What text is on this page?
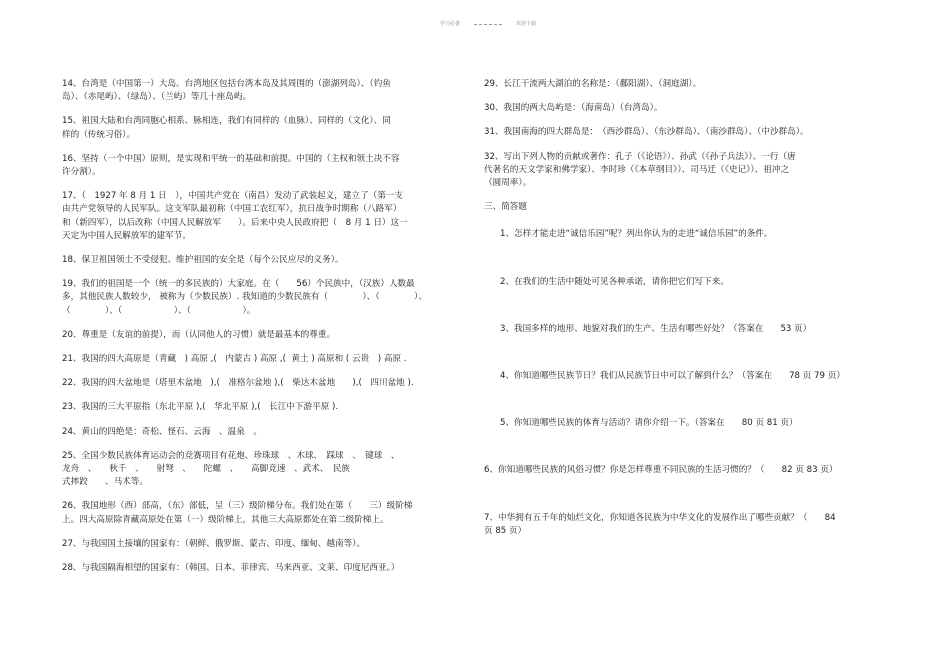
学习必备	欢迎下载

14、台湾是（中国第一）大岛。台湾地区包括台湾本岛及其周围的（澎湖列岛）、（钓鱼
岛）、（赤尾屿）、（绿岛）、（兰屿）等几十座岛屿。

15、祖国大陆和台湾同胞心相系、脉相连，我们有同样的（血脉）、同样的（文化）、同
样的（传统习俗）。

16、坚持（一个中国）原则，是实现和平统一的基础和前提。中国的（主权和领土决不容
许分割）。

17、（　1927 年 8 月 1 日　），中国共产党在（南昌）发动了武装起义，建立了（第一支
由共产党领导的人民军队。这支军队最初称（中国工农红军），抗日战争时期称（八路军）
和（新四军），以后改称（中国人民解放军　　）。后来中央人民政府把（　8 月 1 日）这一
天定为中国人民解放军的建军节。

18、保卫祖国领土不受侵犯、维护祖国的安全是（每个公民应尽的义务）。

19、我们的祖国是一个（统一的多民族的）大家庭。在（　　56）个民族中，（汉族）人数最
多，其他民族人数较少， 被称为（少数民族）. 我知道的少数民族有（　　　　）、（　　　　）、
（　　　　）、（　　　　　　）、（　　　　　　）。

20、尊重是（友谊的前提），而（认同他人的习惯）就是最基本的尊重。

21、我国的四大高原是（青藏　) 高原 ,(　内蒙古 ) 高原 ,(  黄土 ) 高原和 ( 云贵　) 高原 .

22、我国的四大盆地是（塔里木盆地　),(　准格尔盆地 ),(　柴达木盆地　　),(　四川盆地 ).

23、我国的三大平原指（东北平原 ),(　华北平原 ),(　长江中下游平原 ).

24、黄山的四绝是：奇松、怪石、云海　、温泉　。

25、全国少数民族体育运动会的竞赛项目有花炮、珍珠球　、木球、　踩球　、　键球　、
龙舟　、　　秋千　、　　射弩　、　　陀螺　、　　高脚竞速　、武术、　民族
式摔跤　　、马术等。

26、我国地形（西）部高，（东）部低，呈（三）级阶梯分布。我们处在第（　　三）级阶梯
上。四大高原除青藏高原处在第（一）级阶梯上，其他三大高原都处在第二级阶梯上。

27、与我国国土接壤的国家有：（朝鲜、俄罗斯、蒙古、印度、缅甸、越南等）。

28、与我国隔海相望的国家有：（韩国、日本、菲律宾、马来西亚、文莱、印度尼西亚。）

29、长江干流两大湖泊的名称是：（鄱阳湖）、（洞庭湖）。

30、我国的两大岛屿是：（海南岛）（台湾岛）。

31、我国南海的四大群岛是：　（西沙群岛）、（东沙群岛）、（南沙群岛）、（中沙群岛）。

32、写出下列人物的贡献或著作：孔子（《论语》）、孙武（《孙子兵法》）、一行（唐
代著名的天文学家和佛学家）、李时珍（《本草纲目》）、司马迁（《史记》）、祖冲之
（圆周率）。

三、简答题

1、怎样才能走进“诚信乐园”呢？列出你认为的走进“诚信乐园”的条件。

2、在我们的生活中随处可见各种承诺，请你把它们写下来。

3、我国多样的地形、地貌对我们的生产、生活有哪些好处？（答案在　　53 页）

4、你知道哪些民族节日？我们从民族节日中可以了解到什么？（答案在　　78 页 79 页）

5、你知道哪些民族的体育与活动？请你介绍一下。（答案在　　80 页 81 页）

6、你知道哪些民族的风俗习惯？你是怎样尊重不同民族的生活习惯的？（　　82 页 83 页）

7、中华拥有五千年的灿烂文化，你知道各民族为中华文化的发展作出了哪些贡献？（　　84
页 85 页）
